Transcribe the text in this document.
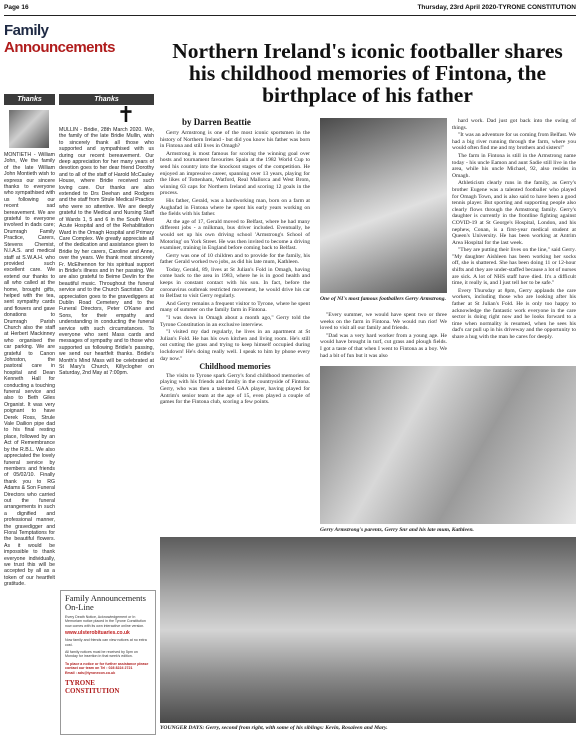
Page 16	Thursday, 23rd April 2020-TYRONE CONSTITUTION
Family Announcements
Thanks	Thanks
MONTIETH - William John, We the family of the late William John Montieth wish to express our sincere thanks to everyone who sympathised with us following our recent sad bereavement. We are grateful to everyone involved in dads care; Drumragh Family Practice, Carers, Stevens Chemist, N.I.A.S. and medical staff at S.W.A.H. who provided such excellent care. We extend our thanks to all who called at the home, brought gifts, helped with the tea, sent sympathy cards and flowers and gave donations to Drumragh Parish Church also the staff at Herbert Mackinney who organised the car parking. We are grateful to Canon Johnston, the pastoral care in hospital and Dean Kenneth Hall for conducting a touching funeral service and also to Beth Giles Organist. It was very poignant to have Derek Ross, Strule Vale Dailion pipe dad to his final resting place, followed by an Act of Remembrance by the R.B.L. We also appreciated the lovely funeral service by members and friends of 05/02/10. Finally thank you to RG Adams & Son Funeral Directors who carried out the funeral arrangements in such a dignified and professional manner, the gravedigger and Floral Temptations for the beautiful flowers. As it would be impossible to thank everyone individually, we trust this will be accepted by all as a token of our heartfelt gratitude.
✝
MULLIN - Bridie, 28th March 2020. We, the family of the late Bridie Mullin, wish to sincerely thank all those who supported and sympathised with us during our recent bereavement. Our deep appreciation for her many years of devotion goes to her dear friend Dorothy and to all of the staff of Harold McCauley House, where Bridie received such loving care. Our thanks are also extended to Drs Deehan and Rodgers and the staff from Strule Medical Practice who were so attentive. We are deeply grateful to the Medical and Nursing Staff of Wards 1, 5 and 6 in the South West Acute Hospital and of the Rehabilitation Ward in the Omagh Hospital and Primary Care Complex. We greatly appreciate all of the dedication and assistance given to Bridie by her carers, Caroline and Anne, over the years. We thank most sincerely Fr. McElhennon for his spiritual support in Bridie's illness and in her passing. We are also grateful to Beime Devlin for the beautiful music. Throughout the funeral service and to the Church Sacristan. Our appreciation goes to the gravediggers at Dublin Road Cemetery and to the Funeral Directors, Peter O'Kane and Sons, for their empathy and understanding in conducting the funeral service with such circumstances. To everyone who sent Mass cards and messages of sympathy and to those who supported us following Bridie's passing, we send our heartfelt thanks. Bridie's Month's Mind Mass will be celebrated at St Mary's Church, Killyclogher on Saturday, 2nd May at 7:00pm.
Family Announcements On-Line
Every Death Notice, Acknowledgement or In Memoriam notice placed in the Tyrone Constitution now comes with its own interactive online version.
www.ulsterobituaries.co.uk
Now family and friends can view notices at no extra cost.
All family notices must be received by 5pm on Monday for insertion in that week's edition.
To place a notice or for further assistance please contact our team on Tel : 028 8224 2721
Email : ads@tyronecon.co.uk
TYRONE CONSTITUTION
Northern Ireland's iconic footballer shares his childhood memories of Fintona, the birthplace of his father
by Darren Beattie

Gerry Armstrong is one of the most iconic sportsmen in the history of Northern Ireland - but did you know his father was born in Fintona and still lives in Omagh?

Armstrong is most famous for scoring the winning goal over hosts and tournament favourites Spain at the 1982 World Cup to send his country into the knockout stages of the competition. He enjoyed an impressive career, spanning over 13 years, playing for the likes of Tottenham, Watford, Real Mallorca and West Brom, winning 63 caps for Northern Ireland and scoring 12 goals in the process.

His father, Gerald, was a hardworking man, born on a farm at Aughafad in Fintona where he spent his early years working on the fields with his father.

At the age of 17, Gerald moved to Belfast, where he had many different jobs - a milkman, bus driver included. Eventually, he would set up his own driving school 'Armstrong's School of Motoring' on York Street. He was then invited to become a driving examiner, training in England before coming back to Belfast.

Gerry was one of 10 children and to provide for the family, his father Gerald worked two jobs, as did his late mum, Kathleen.

Today, Gerald, 89, lives at St Julian's Fold in Omagh, having come back to the area in 1983, where he is in good health and keeps in constant contact with his son. In fact, before the coronavirus outbreak restricted movement, he would drive his car to Belfast to visit Gerry regularly.

And Gerry remains a frequent visitor to Tyrone, where he spent many of summer on the family farm in Fintona.

"I was down in Omagh about a month ago," Gerry told the Tyrone Constitution in an exclusive interview.

"I visited my dad regularly, he lives in an apartment at St Julian's Fold. He has his own kitchen and living room. He's still out cutting the grass and trying to keep himself occupied during lockdown! He's doing really well. I speak to him by phone every day now."

Childhood memories

The visits to Tyrone spark Gerry's fond childhood memories of playing with his friends and family in the countryside of Fintona. Gerry, who was then a talented GAA player, having played for Antrim's senior team at the age of 15, even played a couple of games for the Fintona club, scoring a few points.

One of NI's most famous footballers Gerry Armstrong.

"Every summer, we would have spent two or three weeks on the farm in Fintona. We would run riot! We loved to visit all our family and friends.

"Dad was a very hard worker from a young age. He would have brought in turf, cut grass and plough fields. I got a taste of that when I went to Fintona as a boy. We had a bit of fun but it was also

hard work. Dad just got back into the swing of things.

"It was an adventure for us coming from Belfast. We had a big river running through the farm, where you would often find me and my brothers and sisters!"

The farm in Fintona is still in the Armstrong name today - his uncle Eamon and aunt Sadie still live in the area, while his uncle Michael, 92, also resides in Omagh.

Athleticism clearly runs in the family, as Gerry's brother Eugene was a talented footballer who played for Omagh Town, and is also said to have been a good tennis player. But sporting and supporting people also clearly flows through the Armstrong family. Gerry's daughter is currently in the frontline fighting against COVID-19 at St George's Hospital, London, and his nephew, Conan, is a first-year medical student at Queen's University. He has been working at Antrim Area Hospital for the last week.

"They are putting their lives on the line," said Gerry. "My daughter Aishleen has been working her socks off, she is shattered. She has been doing 11 or 12-hour shifts and they are under-staffed because a lot of nurses are sick. A lot of NHS staff have died. It's a difficult time, it really is, and I just tell her to be safe."

Every Thursday at 8pm, Gerry applauds the care workers, including those who are looking after his father at St Julian's Fold. He is only too happy to acknowledge the fantastic work everyone in the care sector is doing right now and he looks forward to a time when normality is resumed, when he sees his dad's car pull up in his driveway and the opportunity to share a hug with the man he cares for deeply.

Gerry Armstrong's parents, Gerry Snr and his late mum, Kathleen.
YOUNGER DAYS: Gerry, second from right, with some of his siblings: Kevin, Rosaleen and Mary.
